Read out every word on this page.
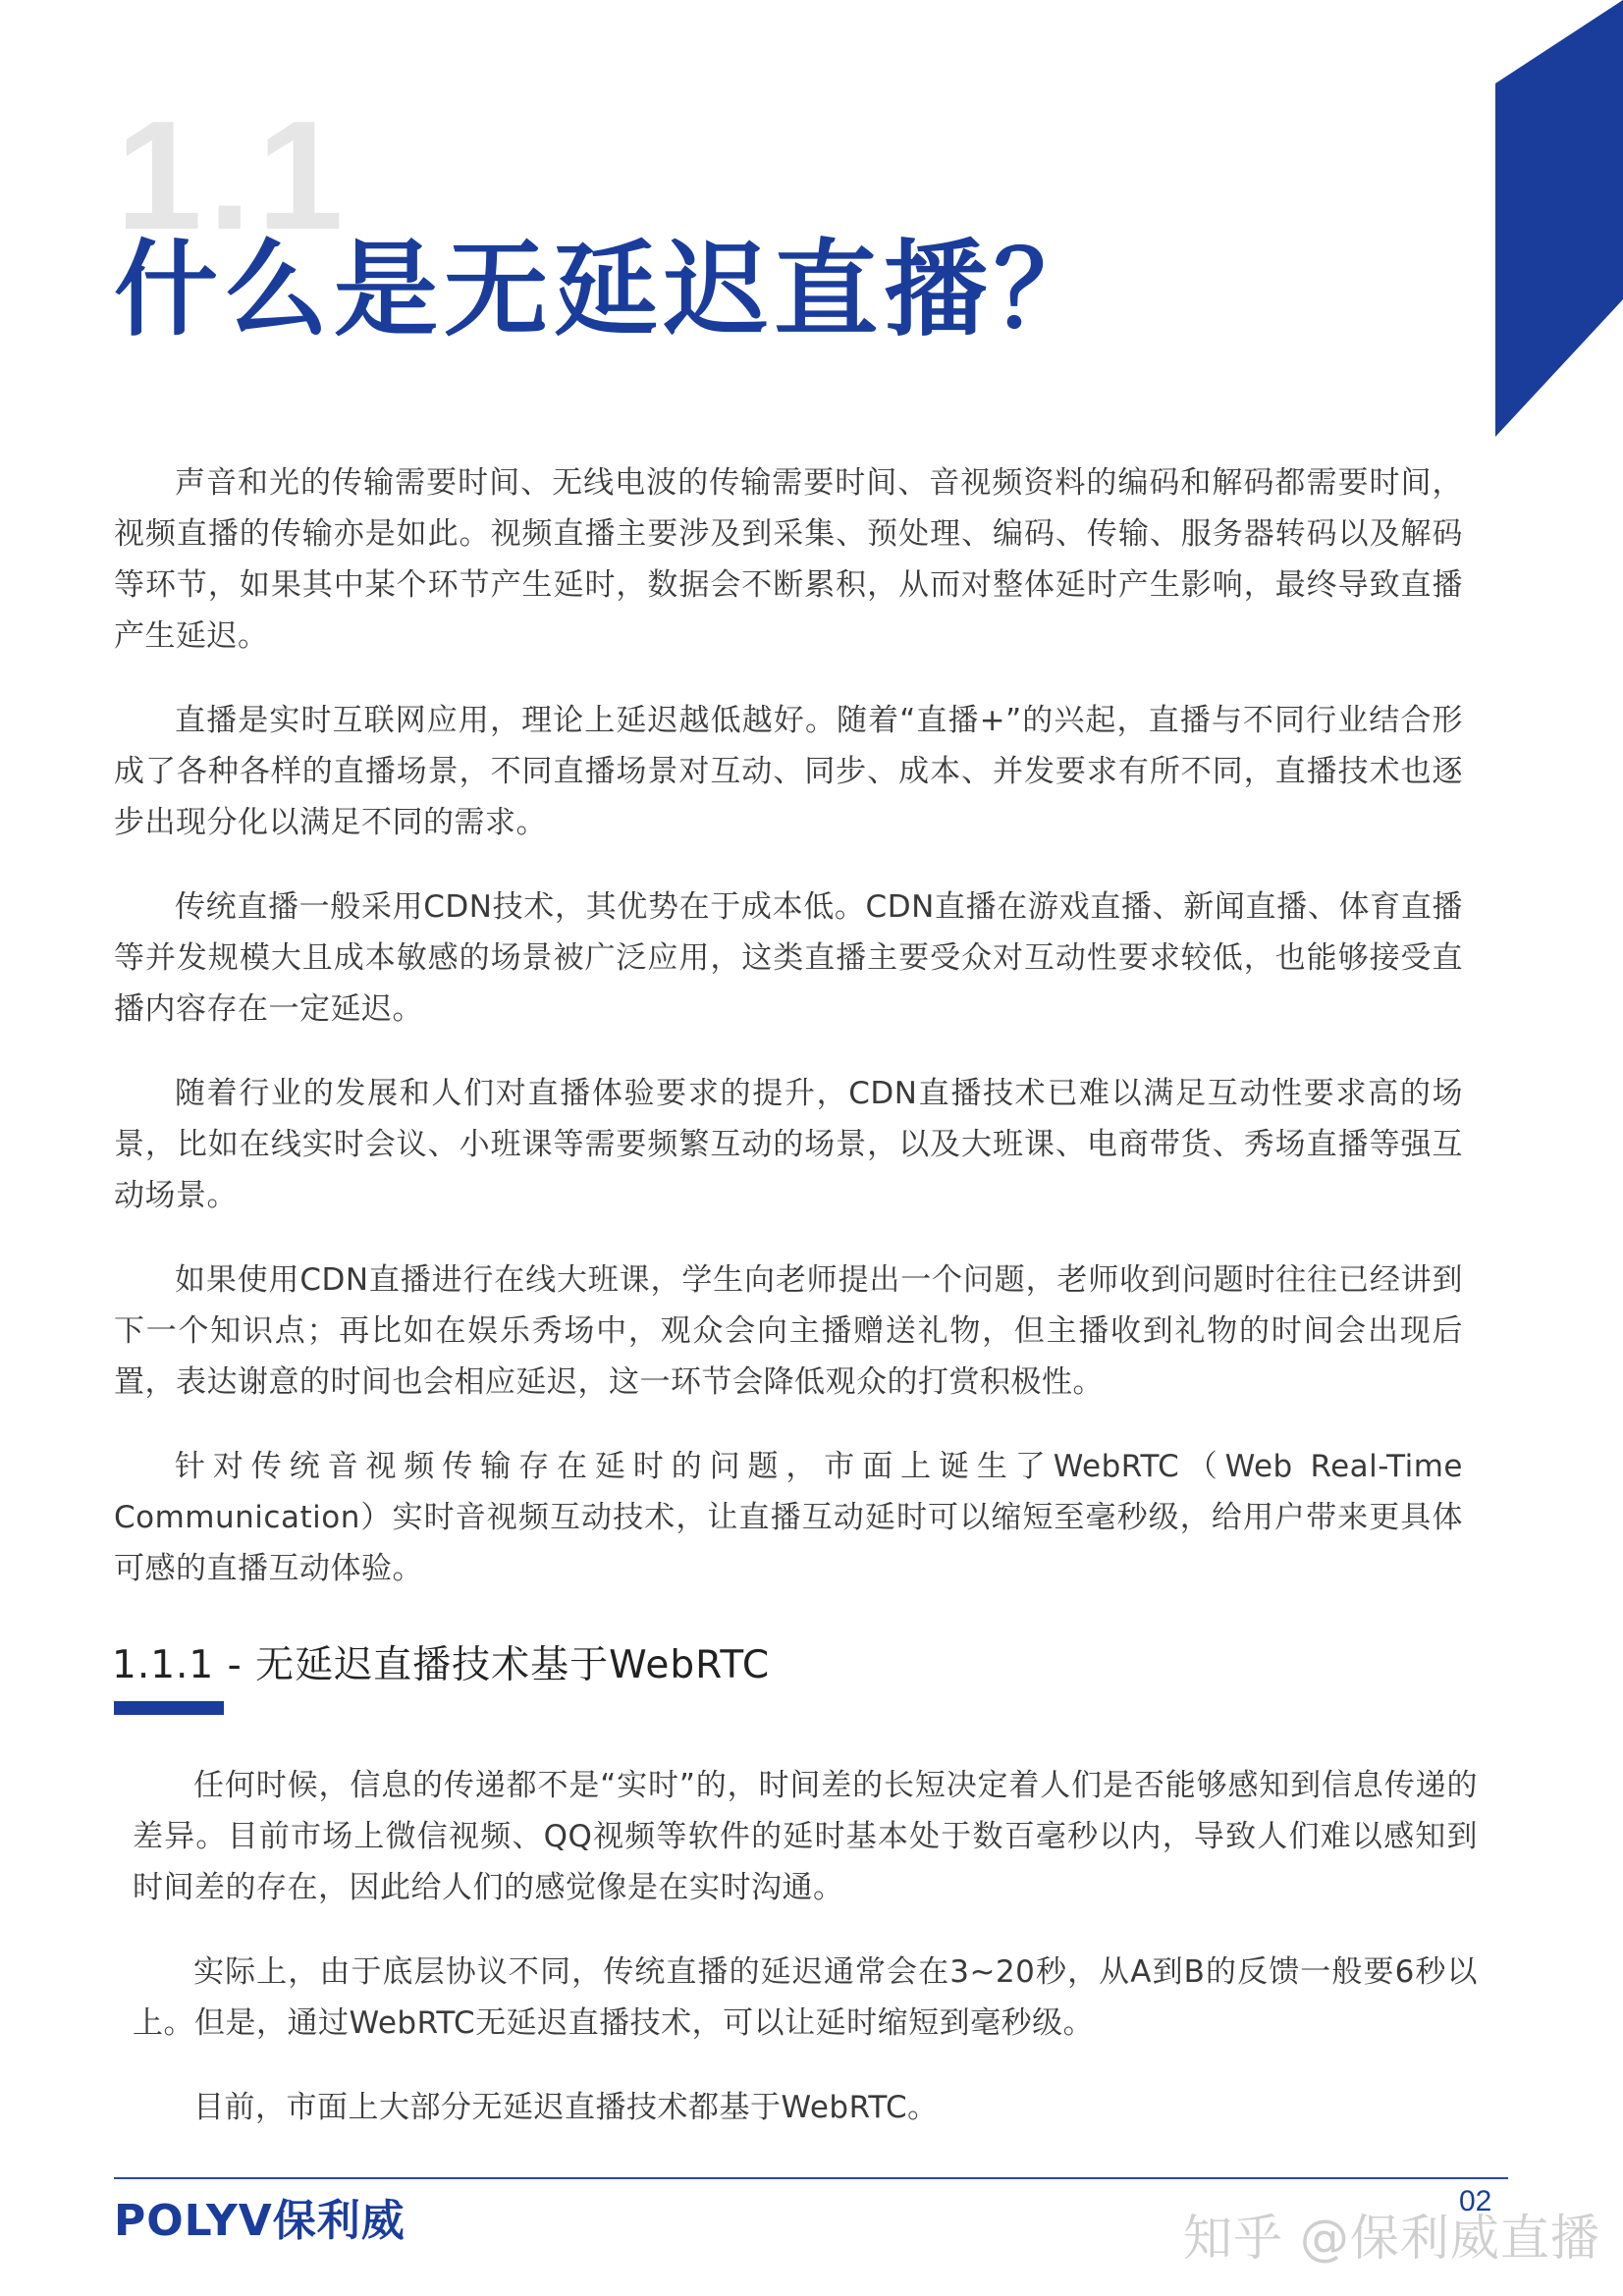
1.1
什么是无延迟直播？

声音和光的传输需要时间、无线电波的传输需要时间、音视频资料的编码和解码都需要时间，视频直播的传输亦是如此。视频直播主要涉及到采集、预处理、编码、传输、服务器转码以及解码等环节，如果其中某个环节产生延时，数据会不断累积，从而对整体延时产生影响，最终导致直播产生延迟。

直播是实时互联网应用，理论上延迟越低越好。随着“直播+”的兴起，直播与不同行业结合形成了各种各样的直播场景，不同直播场景对互动、同步、成本、并发要求有所不同，直播技术也逐步出现分化以满足不同的需求。

传统直播一般采用CDN技术，其优势在于成本低。CDN直播在游戏直播、新闻直播、体育直播等并发规模大且成本敏感的场景被广泛应用，这类直播主要受众对互动性要求较低，也能够接受直播内容存在一定延迟。

随着行业的发展和人们对直播体验要求的提升，CDN直播技术已难以满足互动性要求高的场景，比如在线实时会议、小班课等需要频繁互动的场景，以及大班课、电商带货、秀场直播等强互动场景。

如果使用CDN直播进行在线大班课，学生向老师提出一个问题，老师收到问题时往往已经讲到下一个知识点；再比如在娱乐秀场中，观众会向主播赠送礼物，但主播收到礼物的时间会出现后置，表达谢意的时间也会相应延迟，这一环节会降低观众的打赏积极性。

针对传统音视频传输存在延时的问题，市面上诞生了WebRTC（Web Real-Time Communication）实时音视频互动技术，让直播互动延时可以缩短至毫秒级，给用户带来更具体可感的直播互动体验。

1.1.1 - 无延迟直播技术基于WebRTC

任何时候，信息的传递都不是“实时”的，时间差的长短决定着人们是否能够感知到信息传递的差异。目前市场上微信视频、QQ视频等软件的延时基本处于数百毫秒以内，导致人们难以感知到时间差的存在，因此给人们的感觉像是在实时沟通。

实际上，由于底层协议不同，传统直播的延迟通常会在3~20秒，从A到B的反馈一般要6秒以上。但是，通过WebRTC无延迟直播技术，可以让延时缩短到毫秒级。

目前，市面上大部分无延迟直播技术都基于WebRTC。

POLYV保利威	02
知乎 @保利威直播
